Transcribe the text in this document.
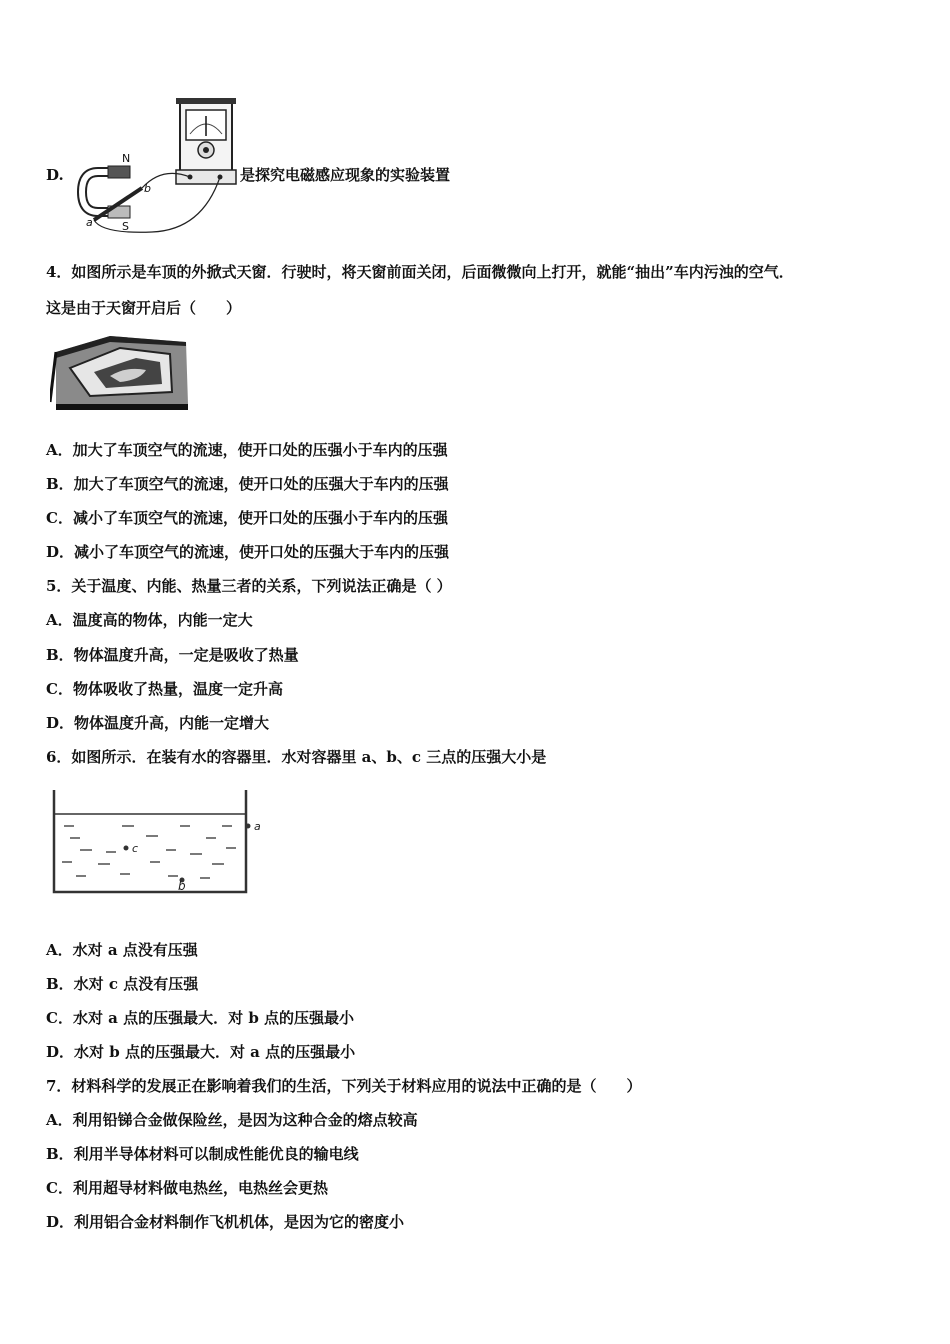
D.
N
S
a
b
是探究电磁感应现象的实验装置
4．如图所示是车顶的外掀式天窗．行驶时，将天窗前面关闭，后面微微向上打开，就能“抽出”车内污浊的空气．
这是由于天窗开启后（　　）
A．加大了车顶空气的流速，使开口处的压强小于车内的压强
B．加大了车顶空气的流速，使开口处的压强大于车内的压强
C．减小了车顶空气的流速，使开口处的压强小于车内的压强
D．减小了车顶空气的流速，使开口处的压强大于车内的压强
5．关于温度、内能、热量三者的关系，下列说法正确是（ ）
A．温度高的物体，内能一定大
B．物体温度升高，一定是吸收了热量
C．物体吸收了热量，温度一定升高
D．物体温度升高，内能一定增大
6．如图所示．在装有水的容器里．水对容器里 a、b、c 三点的压强大小是
c
a
b
A．水对 a 点没有压强
B．水对 c 点没有压强
C．水对 a 点的压强最大．对 b 点的压强最小
D．水对 b 点的压强最大．对 a 点的压强最小
7．材料科学的发展正在影响着我们的生活，下列关于材料应用的说法中正确的是（　　）
A．利用铅锑合金做保险丝，是因为这种合金的熔点较高
B．利用半导体材料可以制成性能优良的输电线
C．利用超导材料做电热丝，电热丝会更热
D．利用铝合金材料制作飞机机体，是因为它的密度小
